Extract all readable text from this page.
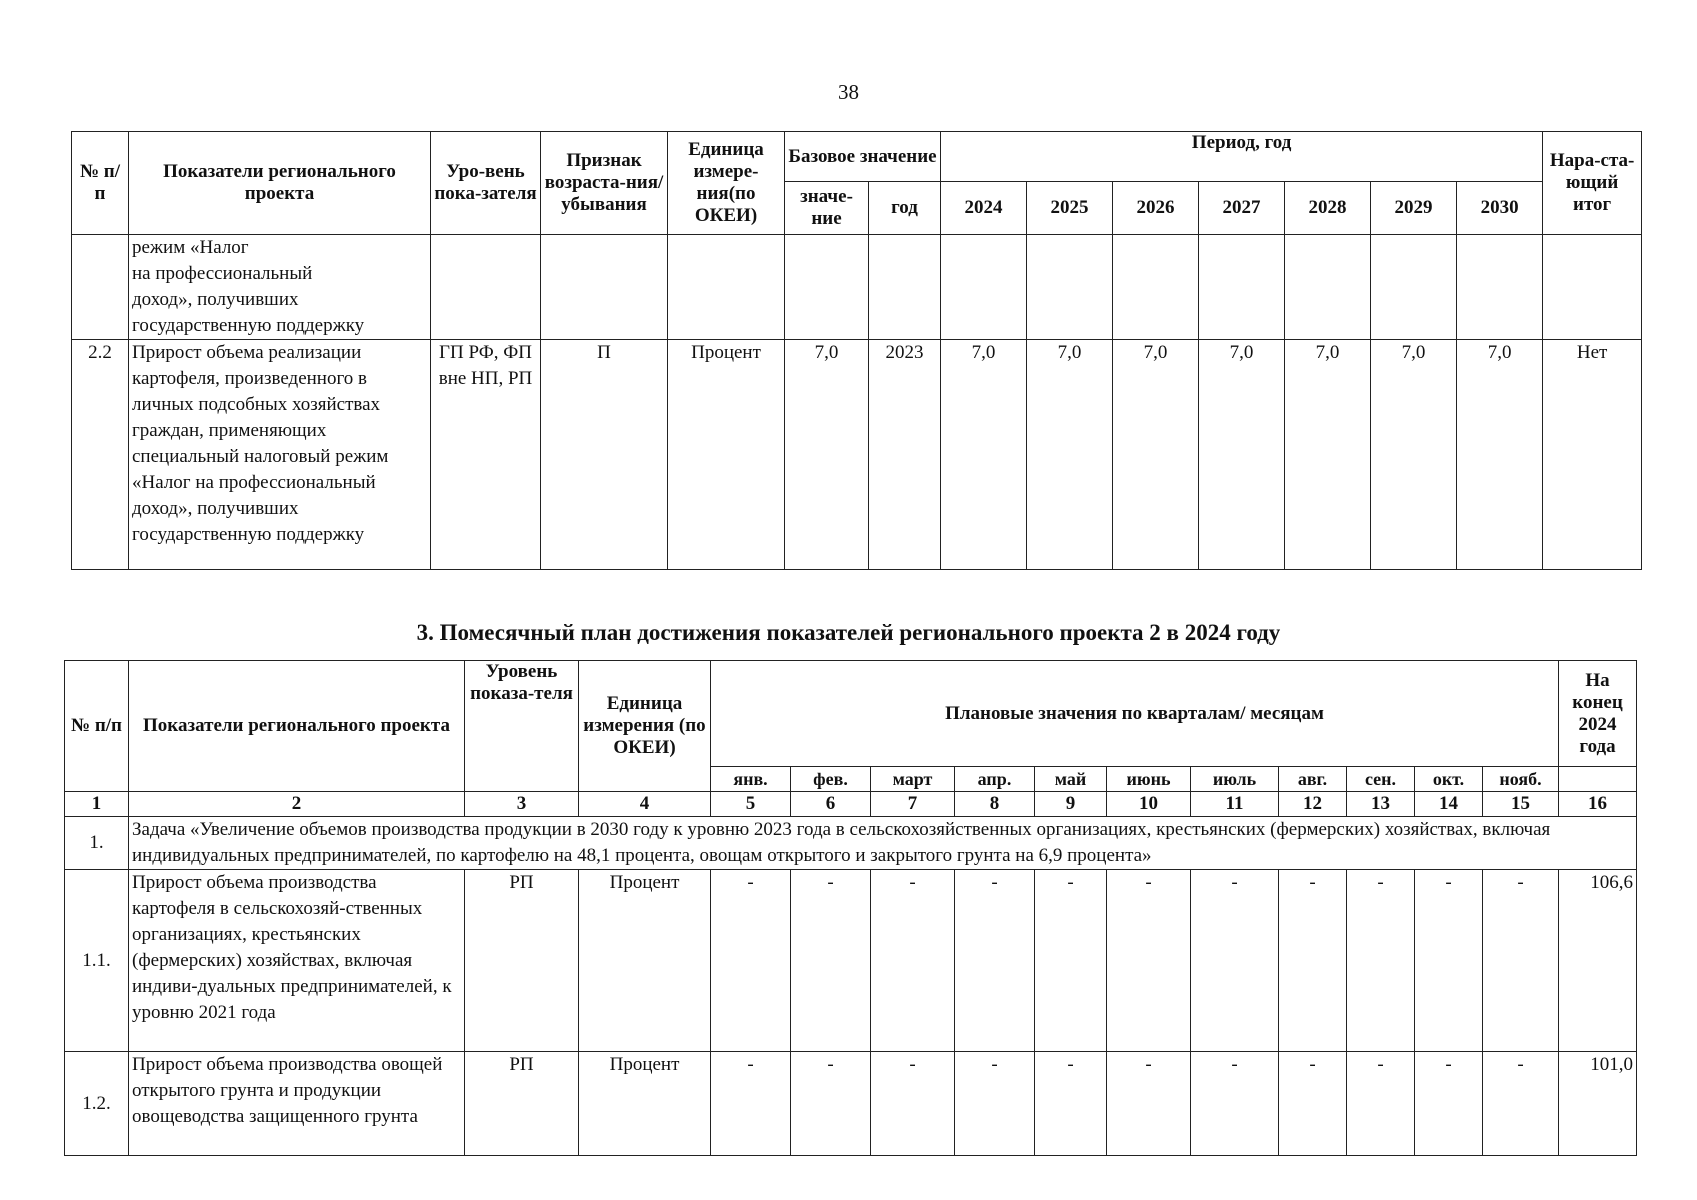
38
№ п/п	Показатели регионального проекта	Уро-вень пока-зателя	Признак возраста-ния/ убывания	Единица измере-ния(по ОКЕИ)	Базовое значение		Период, год							Нара-ста-ющий итог
					значе-ние	год	2024	2025	2026	2027	2028	2029	2030	
	режим «Налог
на профессиональный
доход», получивших
государственную поддержку													
2.2	Прирост объема реализации картофеля, произведенного в личных подсобных хозяйствах граждан, применяющих специальный налоговый режим «Налог на профессиональный доход», получивших государственную поддержку	ГП РФ, ФП вне НП, РП	П	Процент	7,0	2023	7,0	7,0	7,0	7,0	7,0	7,0	7,0	Нет
3. Помесячный план достижения показателей регионального проекта 2 в 2024 году
№ п/п	Показатели регионального проекта	Уровень показа-теля	Единица измерения (по ОКЕИ)	Плановые значения по кварталам/ месяцам											На конец 2024 года
				янв.	фев.	март	апр.	май	июнь	июль	авг.	сен.	окт.	нояб.	
1	2	3	4	5	6	7	8	9	10	11	12	13	14	15	16
1.	Задача «Увеличение объемов производства продукции в 2030 году к уровню 2023 года в сельскохозяйственных организациях, крестьянских (фермерских) хозяйствах, включая индивидуальных предпринимателей, по картофелю на 48,1 процента, овощам открытого и закрытого грунта на 6,9 процента»														
1.1.	Прирост объема производства картофеля в сельскохозяй-ственных организациях, крестьянских (фермерских) хозяйствах, включая индиви-дуальных предпринимателей, к уровню 2021 года	РП	Процент	-	-	-	-	-	-	-	-	-	-	-	106,6
1.2.	Прирост объема производства овощей открытого грунта и продукции овощеводства защищенного грунта	РП	Процент	-	-	-	-	-	-	-	-	-	-	-	101,0
